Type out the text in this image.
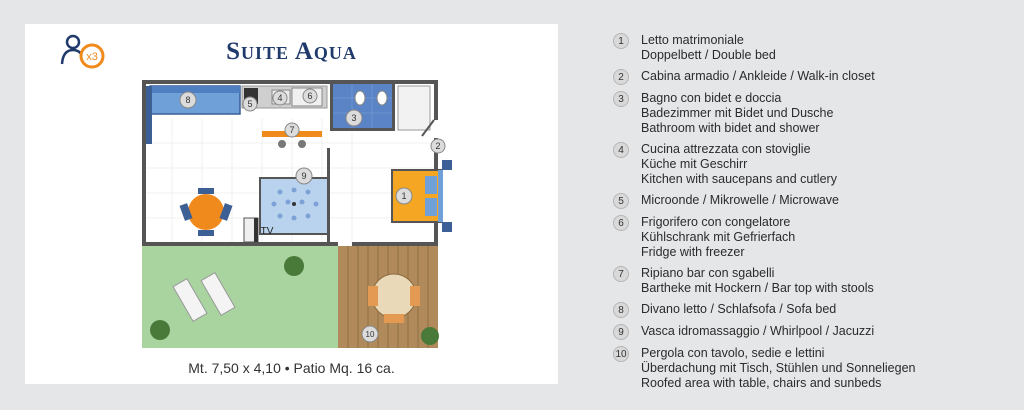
x3	Suite Aqua
8	5
4	6
3
7
2
9
1
10
TV
Mt. 7,50 x 4,10 • Patio Mq. 16 ca.
1	Letto matrimoniale
Doppelbett / Double bed
2	Cabina armadio / Ankleide / Walk-in closet
3	Bagno con bidet e doccia
Badezimmer mit Bidet und Dusche
Bathroom with bidet and shower
4	Cucina attrezzata con stoviglie
Küche mit Geschirr
Kitchen with saucepans and cutlery
5	Microonde / Mikrowelle / Microwave
6	Frigorifero con congelatore
Kühlschrank mit Gefrierfach
Fridge with freezer
7	Ripiano bar con sgabelli
Bartheke mit Hockern / Bar top with stools
8	Divano letto / Schlafsofa / Sofa bed
9	Vasca idromassaggio / Whirlpool / Jacuzzi
10 Pergola con tavolo, sedie e lettini
Überdachung mit Tisch, Stühlen und Sonneliegen
Roofed area with table, chairs and sunbeds
